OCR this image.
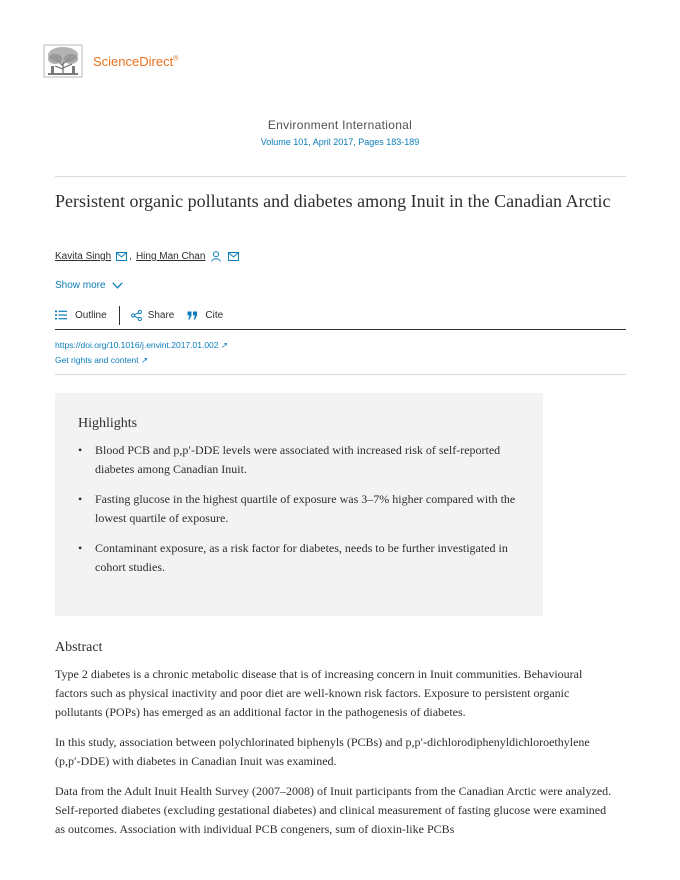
ScienceDirect®
Environment International
Volume 101, April 2017, Pages 183-189
Persistent organic pollutants and diabetes among Inuit in the Canadian Arctic
Kavita Singh , Hing Man Chan
Show more
Outline	Share	Cite
https://doi.org/10.1016/j.envint.2017.01.002 ↗
Get rights and content ↗
Highlights
• Blood PCB and p,p′-DDE levels were associated with increased risk of self-reported diabetes among Canadian Inuit.
• Fasting glucose in the highest quartile of exposure was 3–7% higher compared with the lowest quartile of exposure.
• Contaminant exposure, as a risk factor for diabetes, needs to be further investigated in cohort studies.
Abstract

Type 2 diabetes is a chronic metabolic disease that is of increasing concern in Inuit communities. Behavioural factors such as physical inactivity and poor diet are well-known risk factors. Exposure to persistent organic pollutants (POPs) has emerged as an additional factor in the pathogenesis of diabetes.

In this study, association between polychlorinated biphenyls (PCBs) and p,p′-dichlorodiphenyldichloroethylene (p,p′-DDE) with diabetes in Canadian Inuit was examined.

Data from the Adult Inuit Health Survey (2007–2008) of Inuit participants from the Canadian Arctic were analyzed. Self-reported diabetes (excluding gestational diabetes) and clinical measurement of fasting glucose were examined as outcomes. Association with individual PCB congeners, sum of dioxin-like PCBs
